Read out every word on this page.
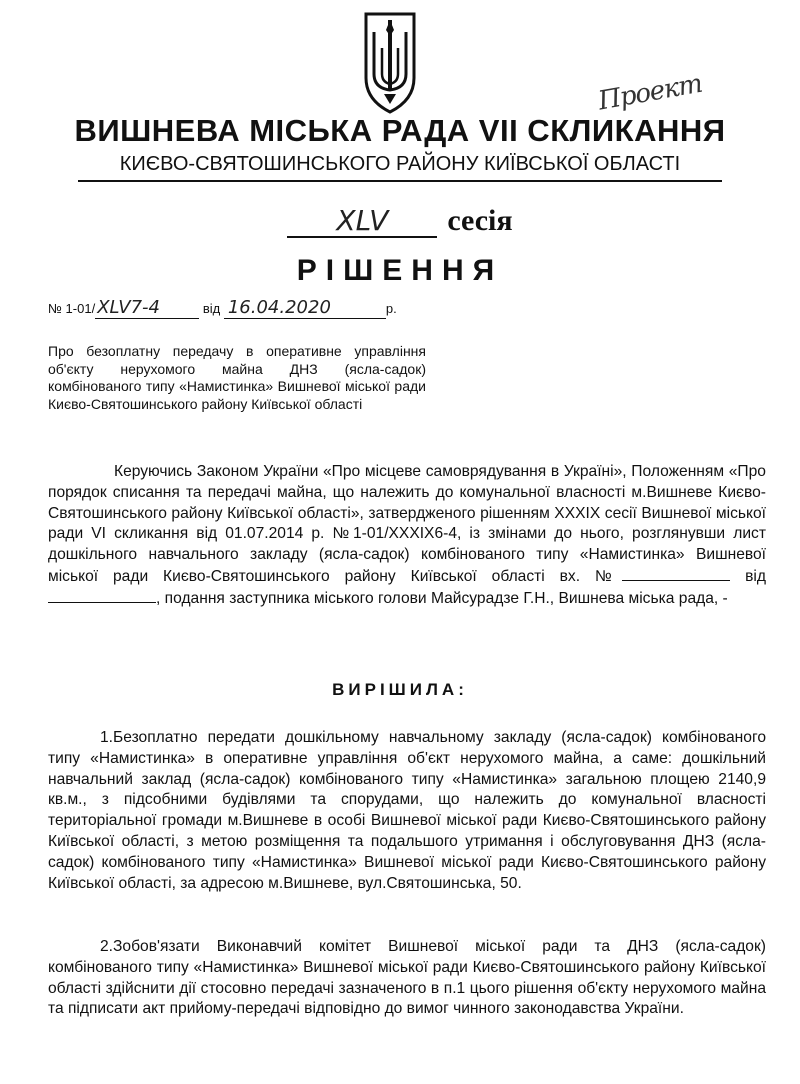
Проект
ВИШНЕВА МІСЬКА РАДА VII СКЛИКАННЯ
КИЄВО-СВЯТОШИНСЬКОГО РАЙОНУ КИЇВСЬКОЇ ОБЛАСТІ
XLV сесія
РІШЕННЯ
№ 1-01/ XLV7-4	від 16.04.2020	р.
Про безоплатну передачу в оперативне управління об'єкту нерухомого майна ДНЗ (ясла-садок) комбінованого типу «Намистинка» Вишневої міської ради Києво-Святошинського району Київської області
Керуючись Законом України «Про місцеве самоврядування в Україні», Положенням «Про порядок списання та передачі майна, що належить до комунальної власності м.Вишневе Києво-Святошинського району Київської області», затвердженого рішенням XXXIX сесії Вишневої міської ради VI скликання від 01.07.2014 р. №1-01/XXXIX6-4, із змінами до нього, розглянувши лист дошкільного навчального закладу (ясла-садок) комбінованого типу «Намистинка» Вишневої міської ради Києво-Святошинського району Київської області вх. №	від , подання заступника міського голови Майсурадзе Г.Н., Вишнева міська рада, -
ВИРІШИЛА:
1.Безоплатно передати дошкільному навчальному закладу (ясла-садок) комбінованого типу «Намистинка» в оперативне управління об'єкт нерухомого майна, а саме: дошкільний навчальний заклад (ясла-садок) комбінованого типу «Намистинка» загальною площею 2140,9 кв.м., з підсобними будівлями та спорудами, що належить до комунальної власності територіальної громади м.Вишневе в особі Вишневої міської ради Києво-Святошинського району Київської області, з метою розміщення та подальшого утримання і обслуговування ДНЗ (ясла-садок) комбінованого типу «Намистинка» Вишневої міської ради Києво-Святошинського району Київської області, за адресою м.Вишневе, вул.Святошинська, 50.
2.Зобов'язати Виконавчий комітет Вишневої міської ради та ДНЗ (ясла-садок) комбінованого типу «Намистинка» Вишневої міської ради Києво-Святошинського району Київської області здійснити дії стосовно передачі зазначеного в п.1 цього рішення об'єкту нерухомого майна та підписати акт прийому-передачі відповідно до вимог чинного законодавства України.
